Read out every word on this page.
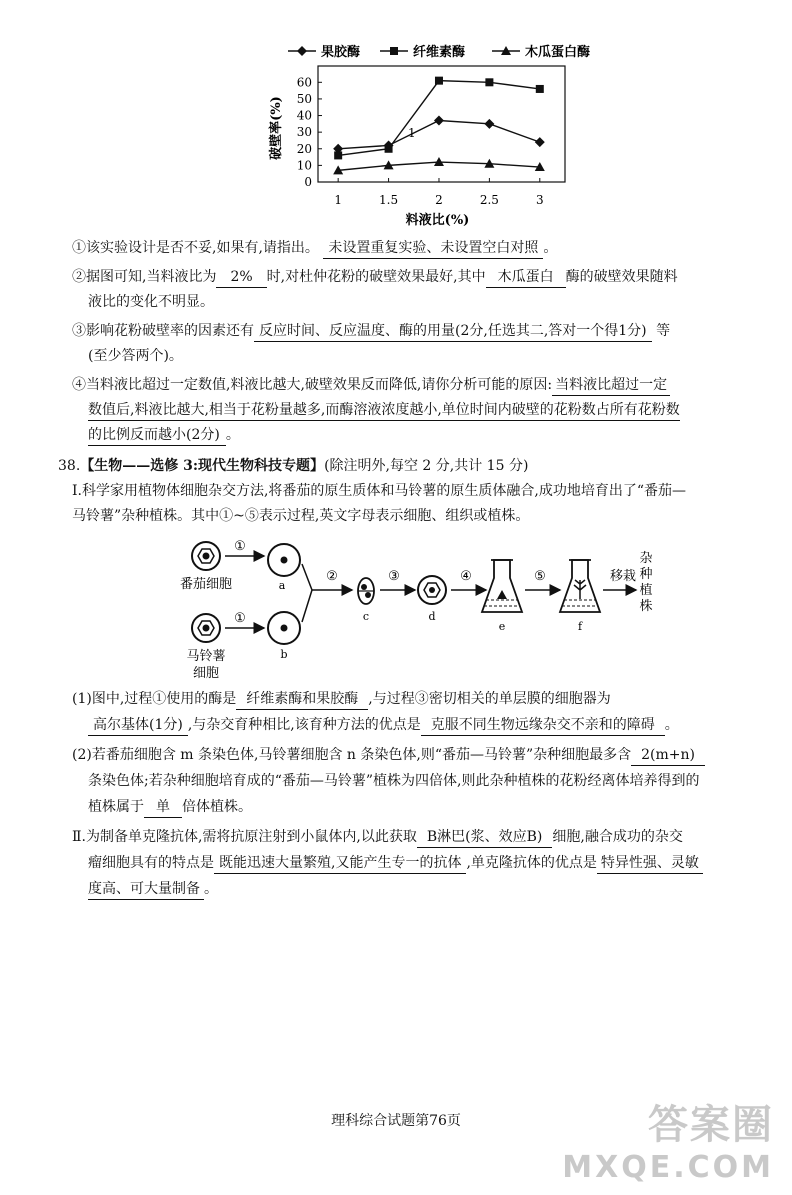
0
10
20
30
40
50
60
1	1.5	2	2.5	3
料液比(%)
破壁率(%)
果胶酶	纤维素酶	木瓜蛋白酶
1
①该实验设计是否不妥,如果有,请指出。 未设置重复实验、未设置空白对照 。
②据图可知,当料液比为 2% 时,对杜仲花粉的破壁效果最好,其中 木瓜蛋白 酶的破壁效果随料
液比的变化不明显。
③影响花粉破壁率的因素还有 反应时间、反应温度、酶的用量(2分,任选其二,答对一个得1分) 等
(至少答两个)。
④当料液比超过一定数值,料液比越大,破壁效果反而降低,请你分析可能的原因: 当料液比超过一定
数值后,料液比越大,相当于花粉量越多,而酶溶液浓度越小,单位时间内破壁的花粉数占所有花粉数
的比例反而越小(2分) 。
38.【生物——选修 3:现代生物科技专题】(除注明外,每空 2 分,共计 15 分)
Ⅰ.科学家用植物体细胞杂交方法,将番茄的原生质体和马铃薯的原生质体融合,成功地培育出了“番茄—
马铃薯”杂种植株。其中①~⑤表示过程,英文字母表示细胞、组织或植株。
番茄细胞
①
a
马铃薯
细胞
①
b
②
c
③
d
④
e
⑤
f
移栽
杂
种
植
株
(1)图中,过程①使用的酶是 纤维素酶和果胶酶 ,与过程③密切相关的单层膜的细胞器为
高尔基体(1分) ,与杂交育种相比,该育种方法的优点是 克服不同生物远缘杂交不亲和的障碍 。
(2)若番茄细胞含 m 条染色体,马铃薯细胞含 n 条染色体,则“番茄—马铃薯”杂种细胞最多含 2(m+n)
条染色体;若杂种细胞培育成的“番茄—马铃薯”植株为四倍体,则此杂种植株的花粉经离体培养得到的
植株属于 单 倍体植株。
Ⅱ.为制备单克隆抗体,需将抗原注射到小鼠体内,以此获取 B淋巴(浆、效应B) 细胞,融合成功的杂交
瘤细胞具有的特点是 既能迅速大量繁殖,又能产生专一的抗体 ,单克隆抗体的优点是 特异性强、灵敏
度高、可大量制备 。
理科综合试题第76页	答案圈
MXQE.COM
